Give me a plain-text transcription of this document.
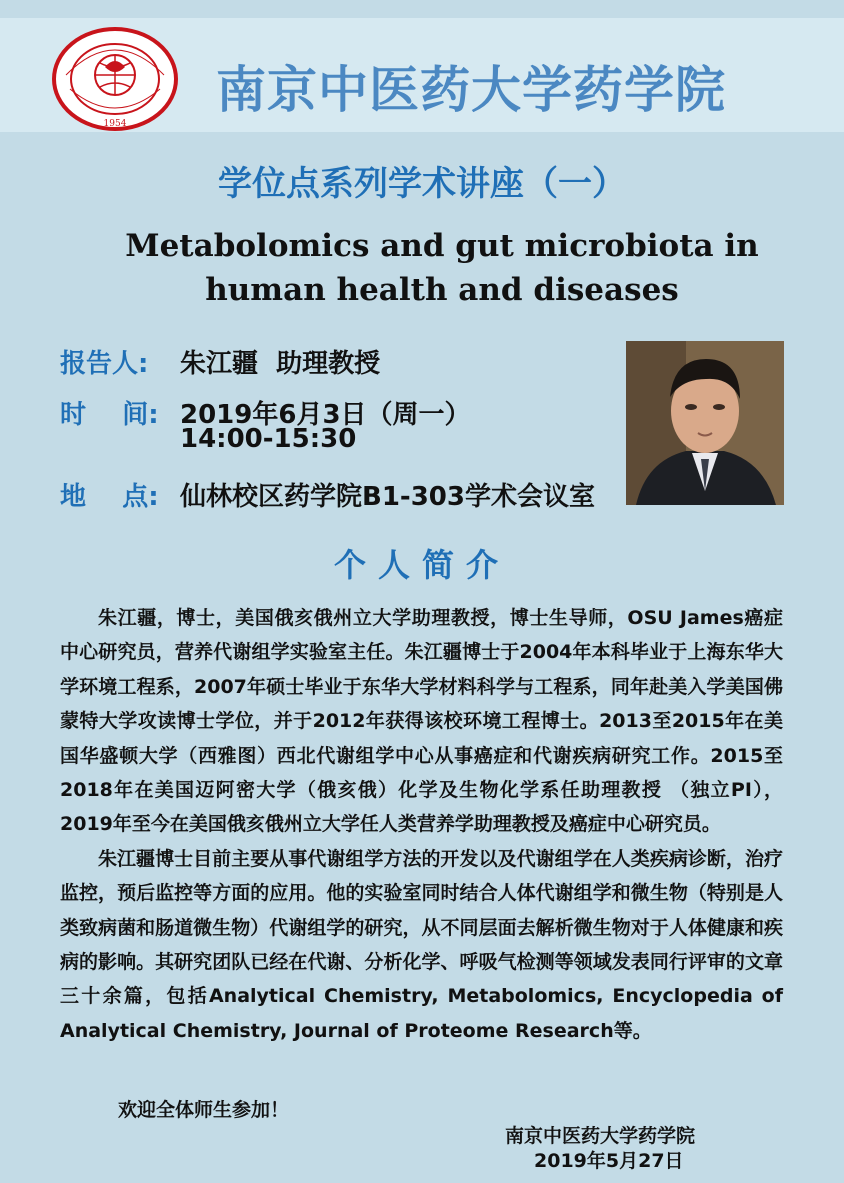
1954
南京中医药大学药学院
学位点系列学术讲座（一）
Metabolomics and gut microbiota in
human health and diseases
报告人: 朱江疆  助理教授
时    间: 2019年6月3日（周一）
14:00-15:30
地    点: 仙林校区药学院B1-303学术会议室
个人简介

朱江疆，博士，美国俄亥俄州立大学助理教授，博士生导师，OSU James癌症中心研究员，营养代谢组学实验室主任。朱江疆博士于2004年本科毕业于上海东华大学环境工程系，2007年硕士毕业于东华大学材料科学与工程系，同年赴美入学美国佛蒙特大学攻读博士学位，并于2012年获得该校环境工程博士。2013至2015年在美国华盛顿大学（西雅图）西北代谢组学中心从事癌症和代谢疾病研究工作。2015至2018年在美国迈阿密大学（俄亥俄）化学及生物化学系任助理教授 （独立PI），2019年至今在美国俄亥俄州立大学任人类营养学助理教授及癌症中心研究员。

朱江疆博士目前主要从事代谢组学方法的开发以及代谢组学在人类疾病诊断，治疗监控，预后监控等方面的应用。他的实验室同时结合人体代谢组学和微生物（特别是人类致病菌和肠道微生物）代谢组学的研究，从不同层面去解析微生物对于人体健康和疾病的影响。其研究团队已经在代谢、分析化学、呼吸气检测等领域发表同行评审的文章三十余篇，包括Analytical Chemistry, Metabolomics, Encyclopedia of Analytical Chemistry, Journal of Proteome Research等。

欢迎全体师生参加！
南京中医药大学药学院
2019年5月27日
